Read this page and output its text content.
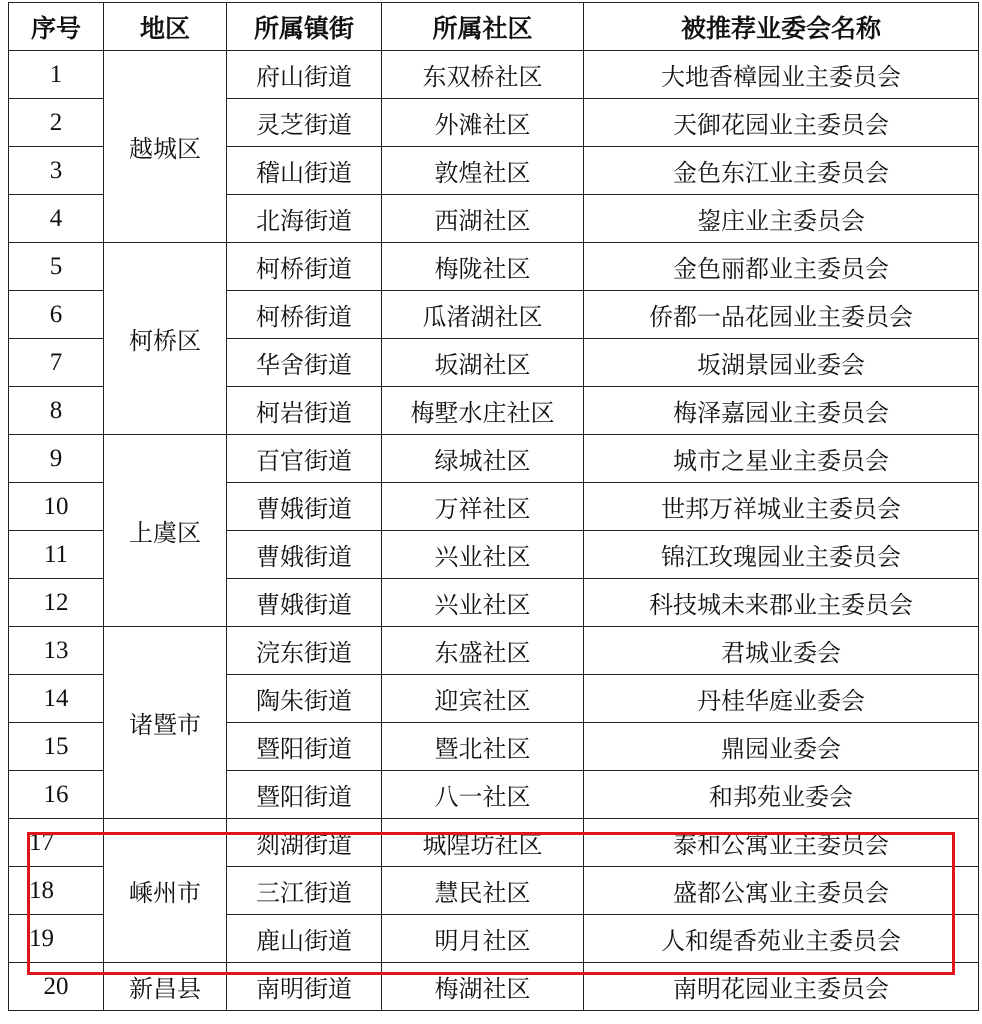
序号	地区	所属镇街	所属社区	被推荐业委会名称
1	越城区	府山街道	东双桥社区	大地香樟园业主委员会
2		灵芝街道	外滩社区	天御花园业主委员会
3		稽山街道	敦煌社区	金色东江业主委员会
4		北海街道	西湖社区	鋆庄业主委员会
5	柯桥区	柯桥街道	梅陇社区	金色丽都业主委员会
6		柯桥街道	瓜渚湖社区	侨都一品花园业主委员会
7		华舍街道	坂湖社区	坂湖景园业委会
8		柯岩街道	梅墅水庄社区	梅泽嘉园业主委员会
9	上虞区	百官街道	绿城社区	城市之星业主委员会
10		曹娥街道	万祥社区	世邦万祥城业主委员会
11		曹娥街道	兴业社区	锦江玫瑰园业主委员会
12		曹娥街道	兴业社区	科技城未来郡业主委员会
13	诸暨市	浣东街道	东盛社区	君城业委会
14		陶朱街道	迎宾社区	丹桂华庭业委会
15		暨阳街道	暨北社区	鼎园业委会
16		暨阳街道	八一社区	和邦苑业委会
17	嵊州市	剡湖街道	城隍坊社区	泰和公寓业主委员会
18		三江街道	慧民社区	盛都公寓业主委员会
19		鹿山街道	明月社区	人和缇香苑业主委员会
20	新昌县	南明街道	梅湖社区	南明花园业主委员会
